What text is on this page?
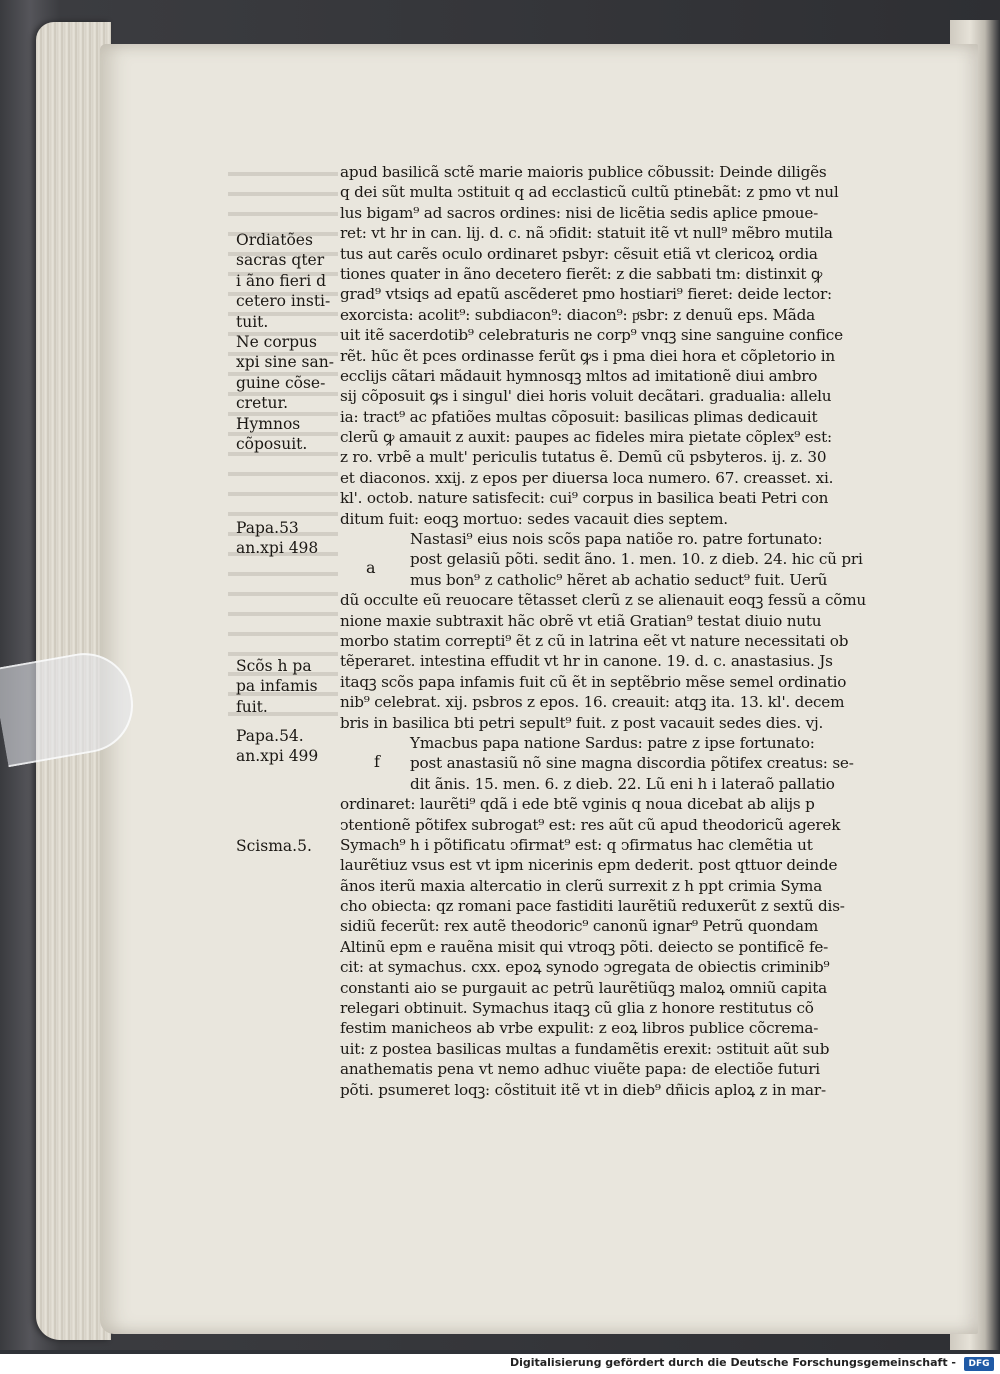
Ordiatões
sacras qter
i ãno fieri d
cetero insti-
tuit.
Ne corpus
xpi sine san-
guine cõse-
cretur.
Hymnos
cõposuit.
Papa.53
an.xpi 498
Scõs h pa
pa infamis
fuit.
Papa.54.
an.xpi 499
Scisma.5.
a
f
apud basilicã sctẽ marie maioris publice cõbussit: Deinde diligẽs
q dei sũt multa ↄstituit q ad ecclasticũ cultũ ptinebãt: z pmo vt nul
lus bigam⁹ ad sacros ordines: nisi de licẽtia sedis aplice pmoue-
ret: vt hr in can. lij. d. c. nã ↄfidit: statuit itẽ vt null⁹ mẽbro mutila
tus aut carẽs oculo ordinaret psbyr: cẽsuit etiã vt clericoꝝ ordia
tiones quater in ãno decetero fierẽt: z die sabbati tm: distinxit ꝙ
grad⁹ vtsiqs ad epatũ ascẽderet pmo hostiari⁹ fieret: deide lector:
exorcista: acolit⁹: subdiacon⁹: diacon⁹: pͦsbr: z denuũ eps. Mãda
uit itẽ sacerdotib⁹ celebraturis ne corp⁹ vnqꝫ sine sanguine confice
rẽt. hũc ẽt pces ordinasse ferũt ꝙs i pma diei hora et cõpletorio in
ecclijs cãtari mãdauit hymnosqꝫ mltos ad imitationẽ diui ambro
sij cõposuit ꝙs i singul' diei horis voluit decãtari. gradualia: allelu
ia: tract⁹ ac pfatiões multas cõposuit: basilicas plimas dedicauit
clerũ ꝙ amauit z auxit: paupes ac fideles mira pietate cõplex⁹ est:
z ro. vrbẽ a mult' periculis tutatus ẽ. Demũ cũ psbyteros. ij. z. 30
et diaconos. xxij. z epos per diuersa loca numero. 67. creasset. xi.
kl'. octob. nature satisfecit: cui⁹ corpus in basilica beati Petri con
ditum fuit: eoqꝫ mortuo: sedes vacauit dies septem.
Nastasi⁹ eius nois scõs papa natiõe ro. patre fortunato:
post gelasiũ põti. sedit ãno. 1. men. 10. z dieb. 24. hic cũ pri
mus bon⁹ z catholic⁹ hẽret ab achatio seduct⁹ fuit. Uerũ
dũ occulte eũ reuocare tẽtasset clerũ z se alienauit eoqꝫ fessũ a cõmu
nione maxie subtraxit hãc obrẽ vt etiã Gratian⁹ testat diuio nutu
morbo statim correpti⁹ ẽt z cũ in latrina eẽt vt nature necessitati ob
tẽperaret. intestina effudit vt hr in canone. 19. d. c. anastasius. Js
itaqꝫ scõs papa infamis fuit cũ ẽt in septẽbrio mẽse semel ordinatio
nib⁹ celebrat. xij. psbros z epos. 16. creauit: atqꝫ ita. 13. kl'. decem
bris in basilica bti petri sepult⁹ fuit. z post vacauit sedes dies. vj.
Ymacbus papa natione Sardus: patre z ipse fortunato:
post anastasiũ nõ sine magna discordia põtifex creatus: se-
dit ãnis. 15. men. 6. z dieb. 22. Lũ eni h i lateraõ pallatio
ordinaret: laurẽti⁹ qdã i ede btẽ vginis q noua dicebat ab alijs p
ↄtentionẽ põtifex subrogat⁹ est: res aũt cũ apud theodoricũ agerek
Symach⁹ h i põtificatu ↄfirmat⁹ est: q ↄfirmatus hac clemẽtia ut
laurẽtiuz vsus est vt ipm nicerinis epm dederit. post qttuor deinde
ãnos iterũ maxia altercatio in clerũ surrexit z h ppt crimia Syma
cho obiecta: qz romani pace fastiditi laurẽtiũ reduxerũt z sextũ dis-
sidiũ fecerũt: rex autẽ theodoric⁹ canonũ ignar⁹ Petrũ quondam
Altinũ epm e rauẽna misit qui vtroqꝫ põti. deiecto se pontificẽ fe-
cit: at symachus. cxx. epoꝝ synodo ↄgregata de obiectis criminib⁹
constanti aio se purgauit ac petrũ laurẽtiũqꝫ maloꝝ omniũ capita
relegari obtinuit. Symachus itaqꝫ cũ glia z honore restitutus cõ
festim manicheos ab vrbe expulit: z eoꝝ libros publice cõcrema-
uit: z postea basilicas multas a fundamẽtis erexit: ↄstituit aũt sub
anathematis pena vt nemo adhuc viuẽte papa: de electiõe futuri
põti. psumeret loqꝫ: cõstituit itẽ vt in dieb⁹ dñicis aploꝝ z in mar-
Digitalisierung gefördert durch die Deutsche Forschungsgemeinschaft -	DFG
